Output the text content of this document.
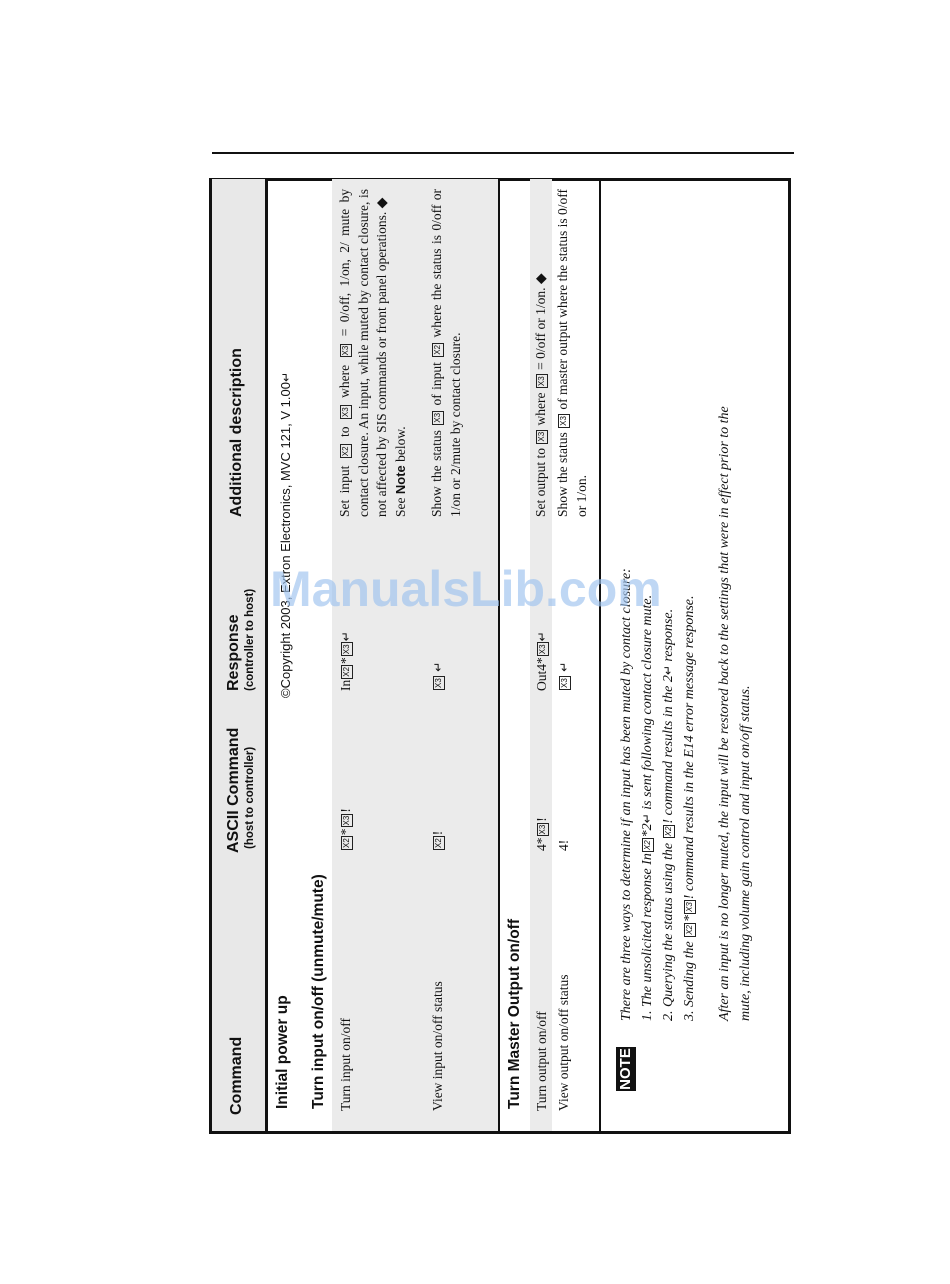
Command
ASCII Command (host to controller)
Response (controller to host)
Additional description
Initial power up
©Copyright 2003, Extron Electronics, MVC 121, V 1.00↵
Turn input on/off (unmute/mute) Turn input on/off
X2*X3!
InX2*X3↵
Set input X2 to X3 where X3 = 0/off, 1/on, 2/ mute by contact closure. An input, while muted by contact closure, is not affected by SIS commands or front panel operations. ◆
See Note below.
View input on/off status
X2!
X3 ↵
Show the status X3 of input X2 where the status is 0/off or 1/on or 2/mute by contact closure.
Turn Master Output on/off Turn output on/off
4*X3!
Out4*X3↵
Set output to X3 where X3 = 0/off or 1/on. ◆
View output on/off status
4!
X3 ↵
Show the status X3 of master output where the status is 0/off or 1/on.
NOTE
There are three ways to determine if an input has been muted by contact closure: 1. The unsolicited response InX2*2↵ is sent following contact closure mute.
2. Querying the status using the X2! command results in the 2↵ response.
3. Sending the X2*X3! command results in the E14 error message response. After an input is no longer muted, the input will be restored back to the settings that were in effect prior to the mute, including volume gain control and input on/off status.
ManualsLib.com
